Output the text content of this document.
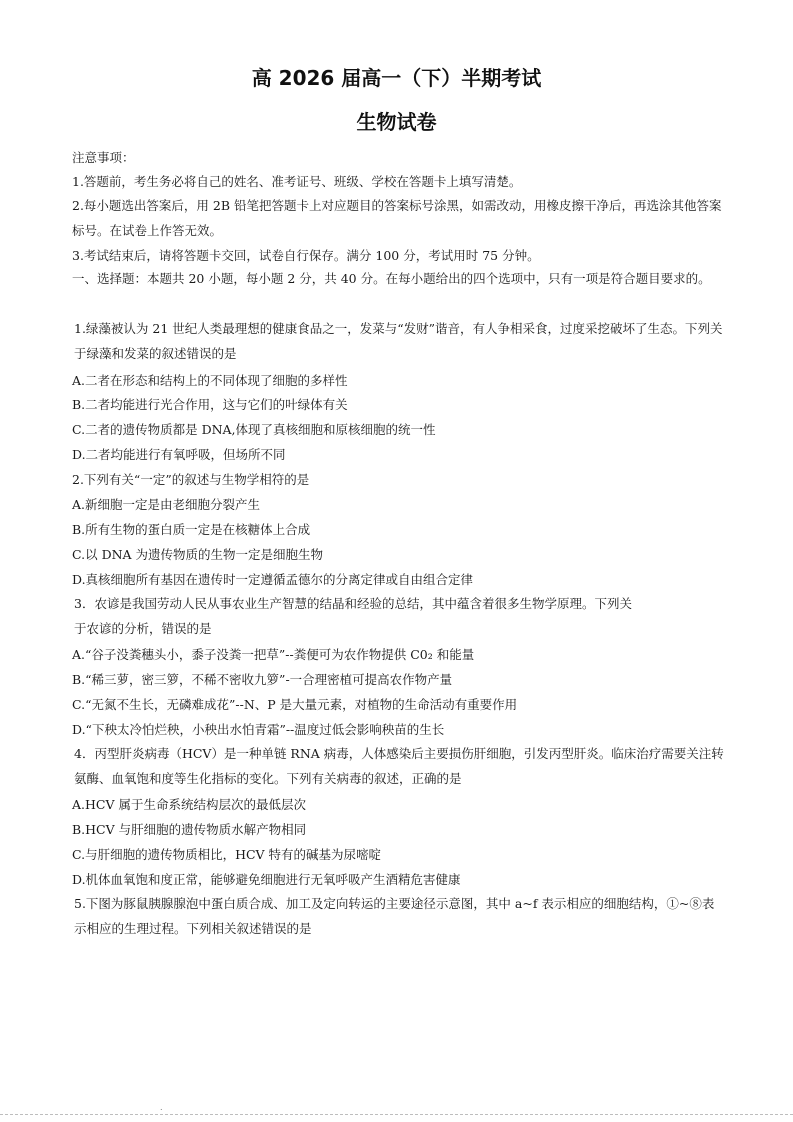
高 2026 届高一（下）半期考试
生物试卷
注意事项：
1.答题前，考生务必将自己的姓名、准考证号、班级、学校在答题卡上填写清楚。
2.每小题选出答案后，用 2B 铅笔把答题卡上对应题目的答案标号涂黑，如需改动，用橡皮擦干净后，再选涂其他答案标号。在试卷上作答无效。
3.考试结束后，请将答题卡交回，试卷自行保存。满分 100 分，考试用时 75 分钟。
一、选择题：本题共 20 小题，每小题 2 分，共 40 分。在每小题给出的四个选项中，只有一项是符合题目要求的。
1.绿藻被认为 21 世纪人类最理想的健康食品之一，发菜与“发财”谐音，有人争相采食，过度采挖破坏了生态。下列关于绿藻和发菜的叙述错误的是
A.二者在形态和结构上的不同体现了细胞的多样性
B.二者均能进行光合作用，这与它们的叶绿体有关
C.二者的遗传物质都是 DNA,体现了真核细胞和原核细胞的统一性
D.二者均能进行有氧呼吸，但场所不同
2.下列有关“一定”的叙述与生物学相符的是
A.新细胞一定是由老细胞分裂产生
B.所有生物的蛋白质一定是在核糖体上合成
C.以 DNA 为遗传物质的生物一定是细胞生物
D.真核细胞所有基因在遗传时一定遵循孟德尔的分离定律或自由组合定律
3．农谚是我国劳动人民从事农业生产智慧的结晶和经验的总结，其中蕴含着很多生物学原理。下列关于农谚的分析，错误的是
A.“谷子没粪穗头小，黍子没粪一把草”--粪便可为农作物提供 C0₂ 和能量
B.“稀三萝，密三箩，不稀不密收九箩”-一合理密植可提高农作物产量
C.“无氮不生长，无磷难成花”--N、P 是大量元素，对植物的生命活动有重要作用
D.“下秧太冷怕烂秧，小秧出水怕青霜”--温度过低会影响秧苗的生长
4．丙型肝炎病毒（HCV）是一种单链 RNA 病毒，人体感染后主要损伤肝细胞，引发丙型肝炎。临床治疗需要关注转氨酶、血氧饱和度等生化指标的变化。下列有关病毒的叙述，正确的是
A.HCV 属于生命系统结构层次的最低层次
B.HCV 与肝细胞的遗传物质水解产物相同
C.与肝细胞的遗传物质相比，HCV 特有的碱基为尿嘧啶
D.机体血氧饱和度正常，能够避免细胞进行无氧呼吸产生酒精危害健康
5.下图为豚鼠胰腺腺泡中蛋白质合成、加工及定向转运的主要途径示意图，其中 a~f 表示相应的细胞结构，①~⑧表示相应的生理过程。下列相关叙述错误的是
.
